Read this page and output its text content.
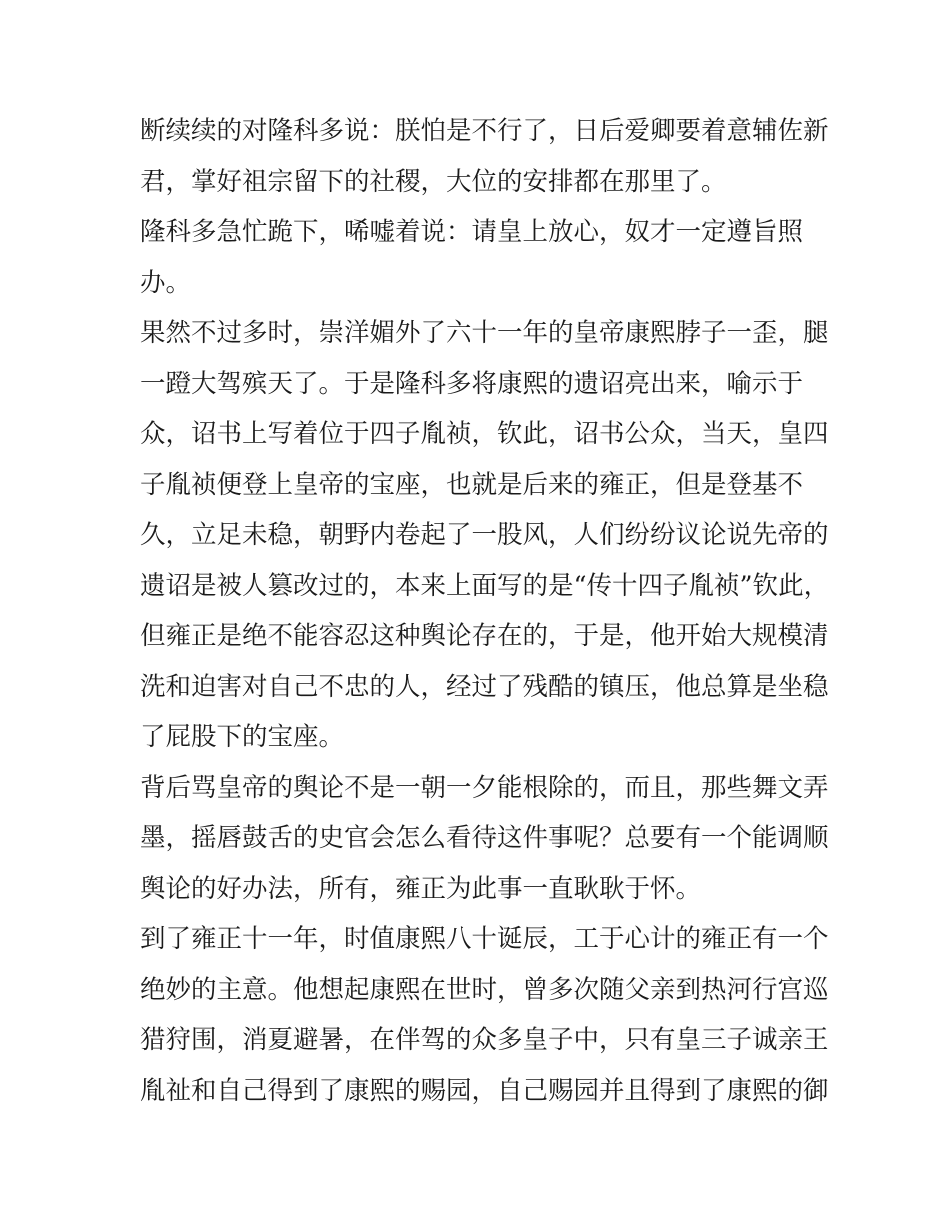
断续续的对隆科多说：朕怕是不行了，日后爱卿要着意辅佐新
君，掌好祖宗留下的社稷，大位的安排都在那里了。
隆科多急忙跪下，唏嘘着说：请皇上放心，奴才一定遵旨照
办。
果然不过多时，崇洋媚外了六十一年的皇帝康熙脖子一歪，腿
一蹬大驾殡天了。于是隆科多将康熙的遗诏亮出来，喻示于
众，诏书上写着位于四子胤祯，钦此，诏书公众，当天，皇四
子胤祯便登上皇帝的宝座，也就是后来的雍正，但是登基不
久，立足未稳，朝野内卷起了一股风，人们纷纷议论说先帝的
遗诏是被人篡改过的，本来上面写的是“传十四子胤祯”钦此，
但雍正是绝不能容忍这种舆论存在的，于是，他开始大规模清
洗和迫害对自己不忠的人，经过了残酷的镇压，他总算是坐稳
了屁股下的宝座。
背后骂皇帝的舆论不是一朝一夕能根除的，而且，那些舞文弄
墨，摇唇鼓舌的史官会怎么看待这件事呢？总要有一个能调顺
舆论的好办法，所有，雍正为此事一直耿耿于怀。
到了雍正十一年，时值康熙八十诞辰，工于心计的雍正有一个
绝妙的主意。他想起康熙在世时，曾多次随父亲到热河行宫巡
猎狩围，消夏避暑，在伴驾的众多皇子中，只有皇三子诚亲王
胤祉和自己得到了康熙的赐园，自己赐园并且得到了康熙的御
